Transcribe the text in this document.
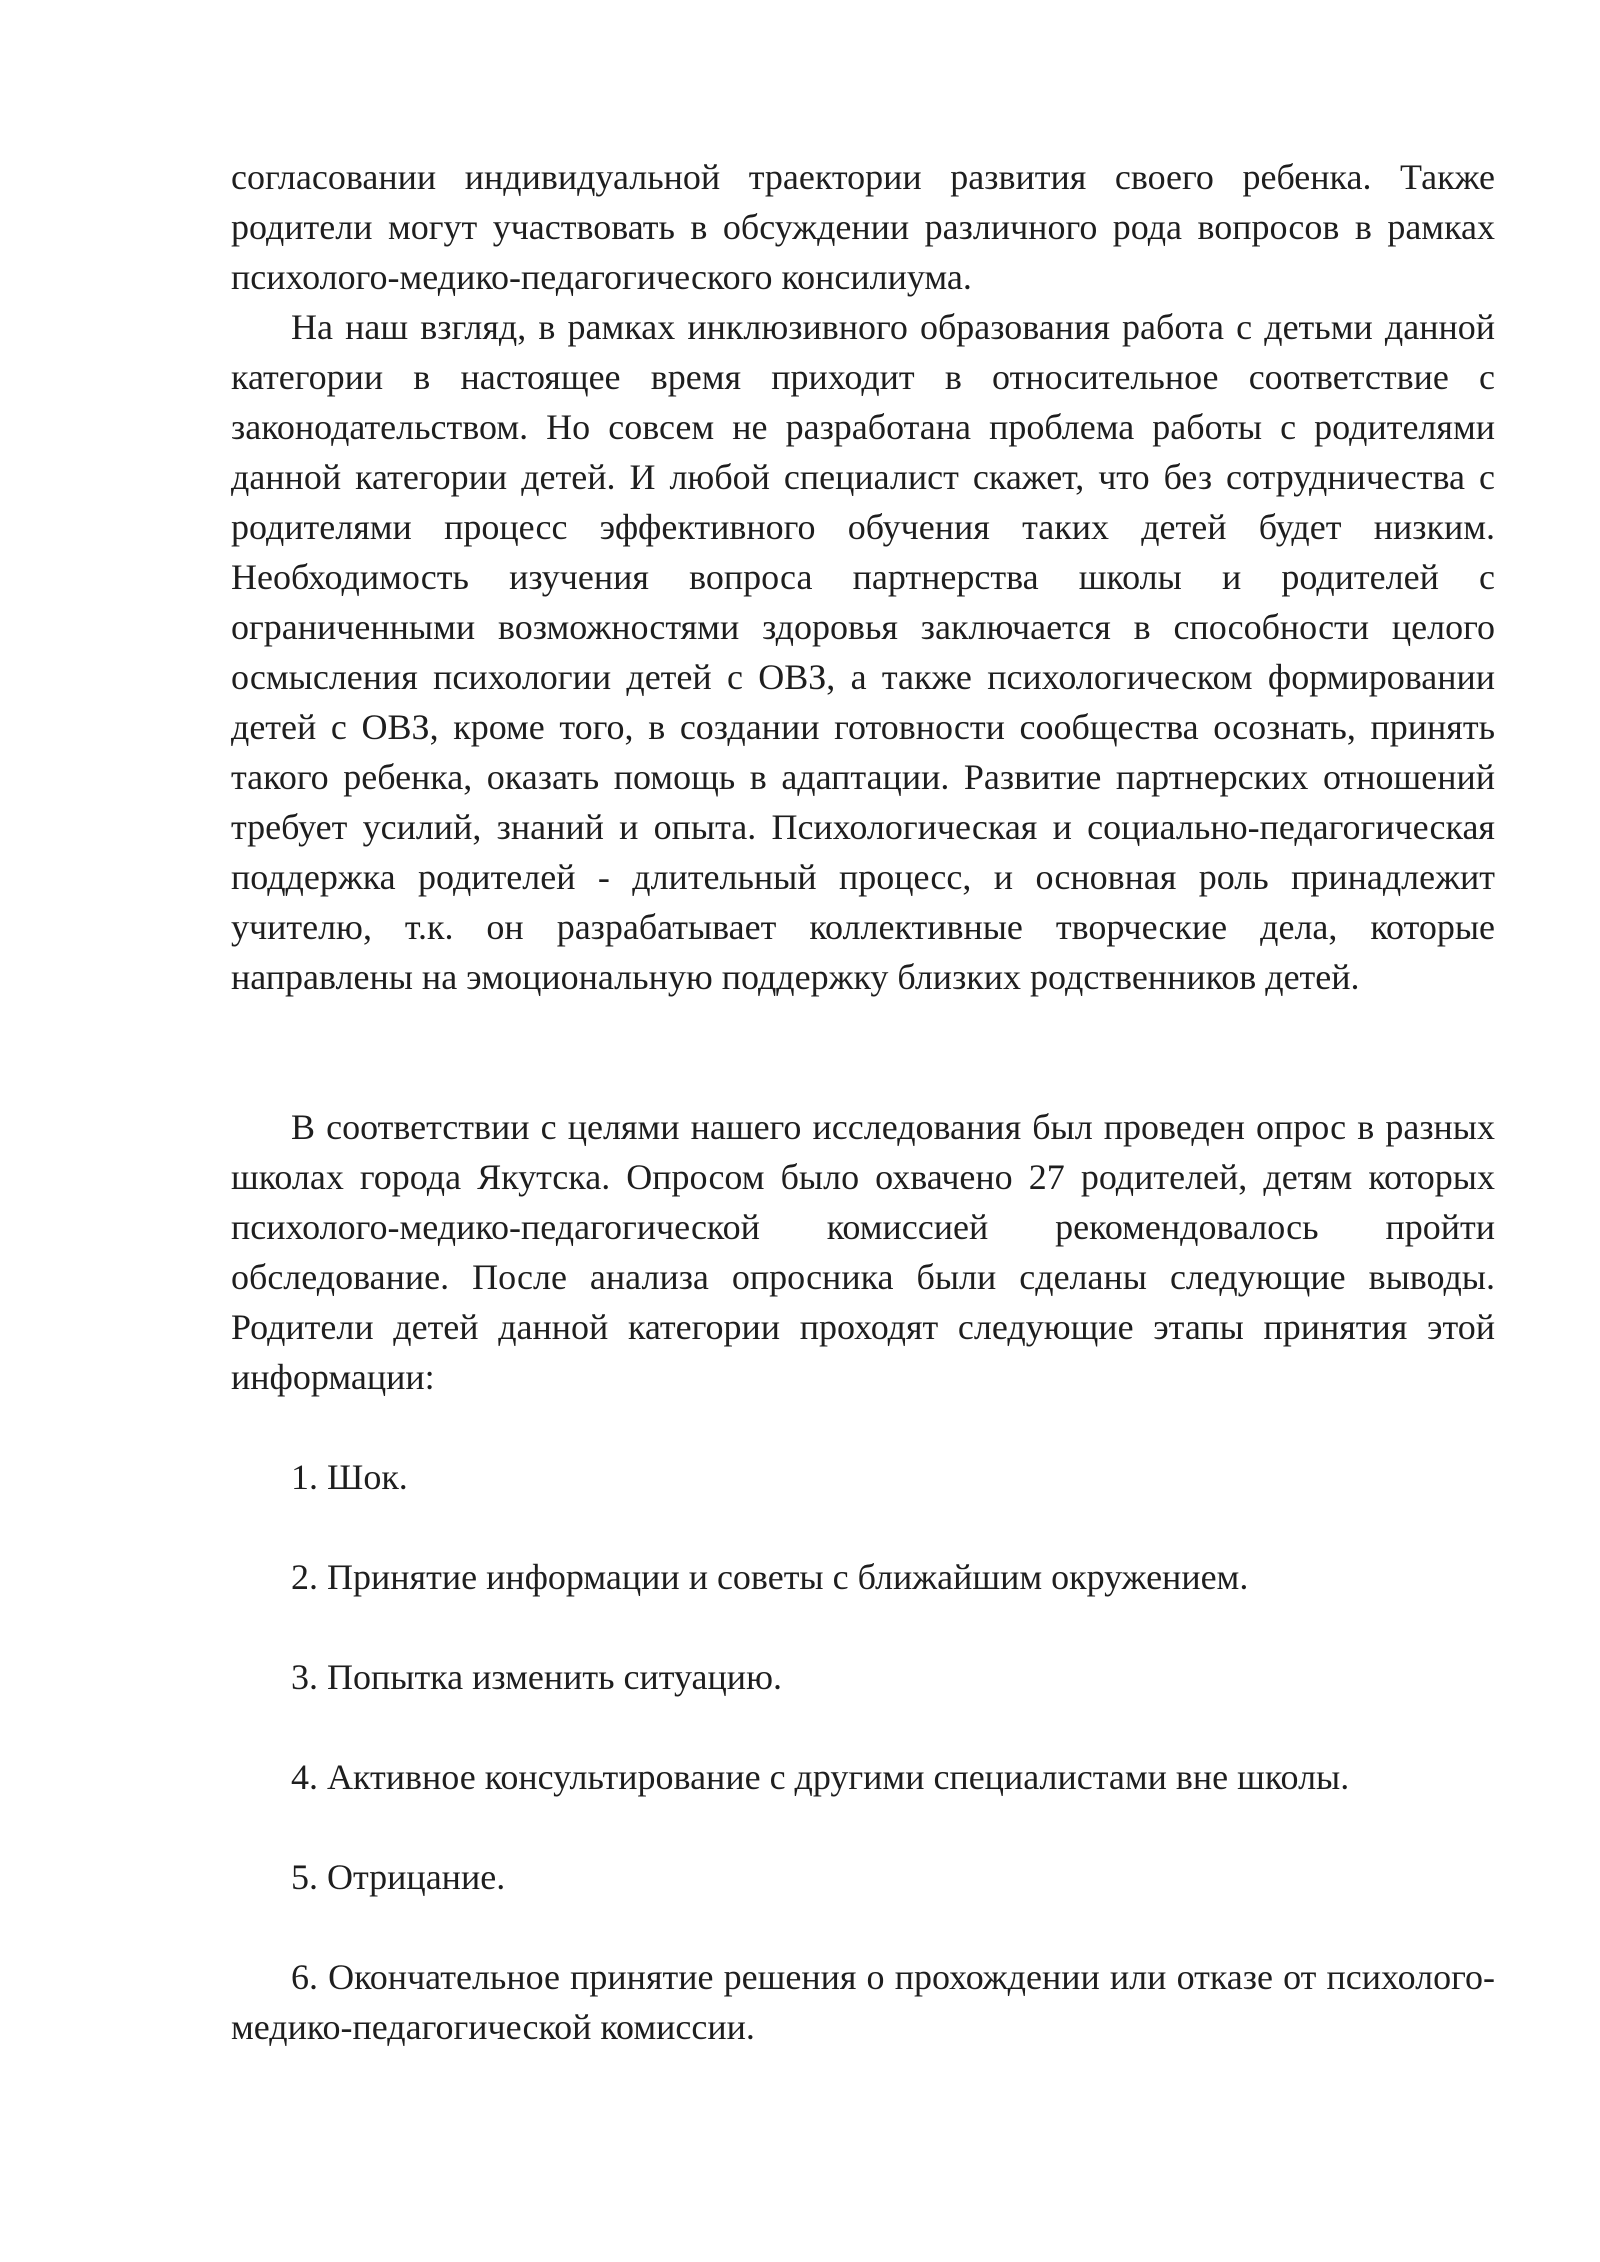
согласовании индивидуальной траектории развития своего ребенка. Также родители могут участвовать в обсуждении различного рода вопросов в рамках психолого-медико-педагогического консилиума.

На наш взгляд, в рамках инклюзивного образования работа с детьми данной категории в настоящее время приходит в относительное соответствие с законодательством. Но совсем не разработана проблема работы с родителями данной категории детей. И любой специалист скажет, что без сотрудничества с родителями процесс эффективного обучения таких детей будет низким. Необходимость изучения вопроса партнерства школы и родителей с ограниченными возможностями здоровья заключается в способности целого осмысления психологии детей с ОВЗ, а также психологическом формировании детей с ОВЗ, кроме того, в создании готовности сообщества осознать, принять такого ребенка, оказать помощь в адаптации. Развитие партнерских отношений требует усилий, знаний и опыта. Психологическая и социально-педагогическая поддержка родителей - длительный процесс, и основная роль принадлежит учителю, т.к. он разрабатывает коллективные творческие дела, которые направлены на эмоциональную поддержку близких родственников детей.

В соответствии с целями нашего исследования был проведен опрос в разных школах города Якутска. Опросом было охвачено 27 родителей, детям которых психолого-медико-педагогической комиссией рекомендовалось пройти обследование. После анализа опросника были сделаны следующие выводы. Родители детей данной категории проходят следующие этапы принятия этой информации:

1. Шок.

2. Принятие информации и советы с ближайшим окружением.

3. Попытка изменить ситуацию.

4. Активное консультирование с другими специалистами вне школы.

5. Отрицание.

6. Окончательное принятие решения о прохождении или отказе от психолого-медико-педагогической комиссии.
